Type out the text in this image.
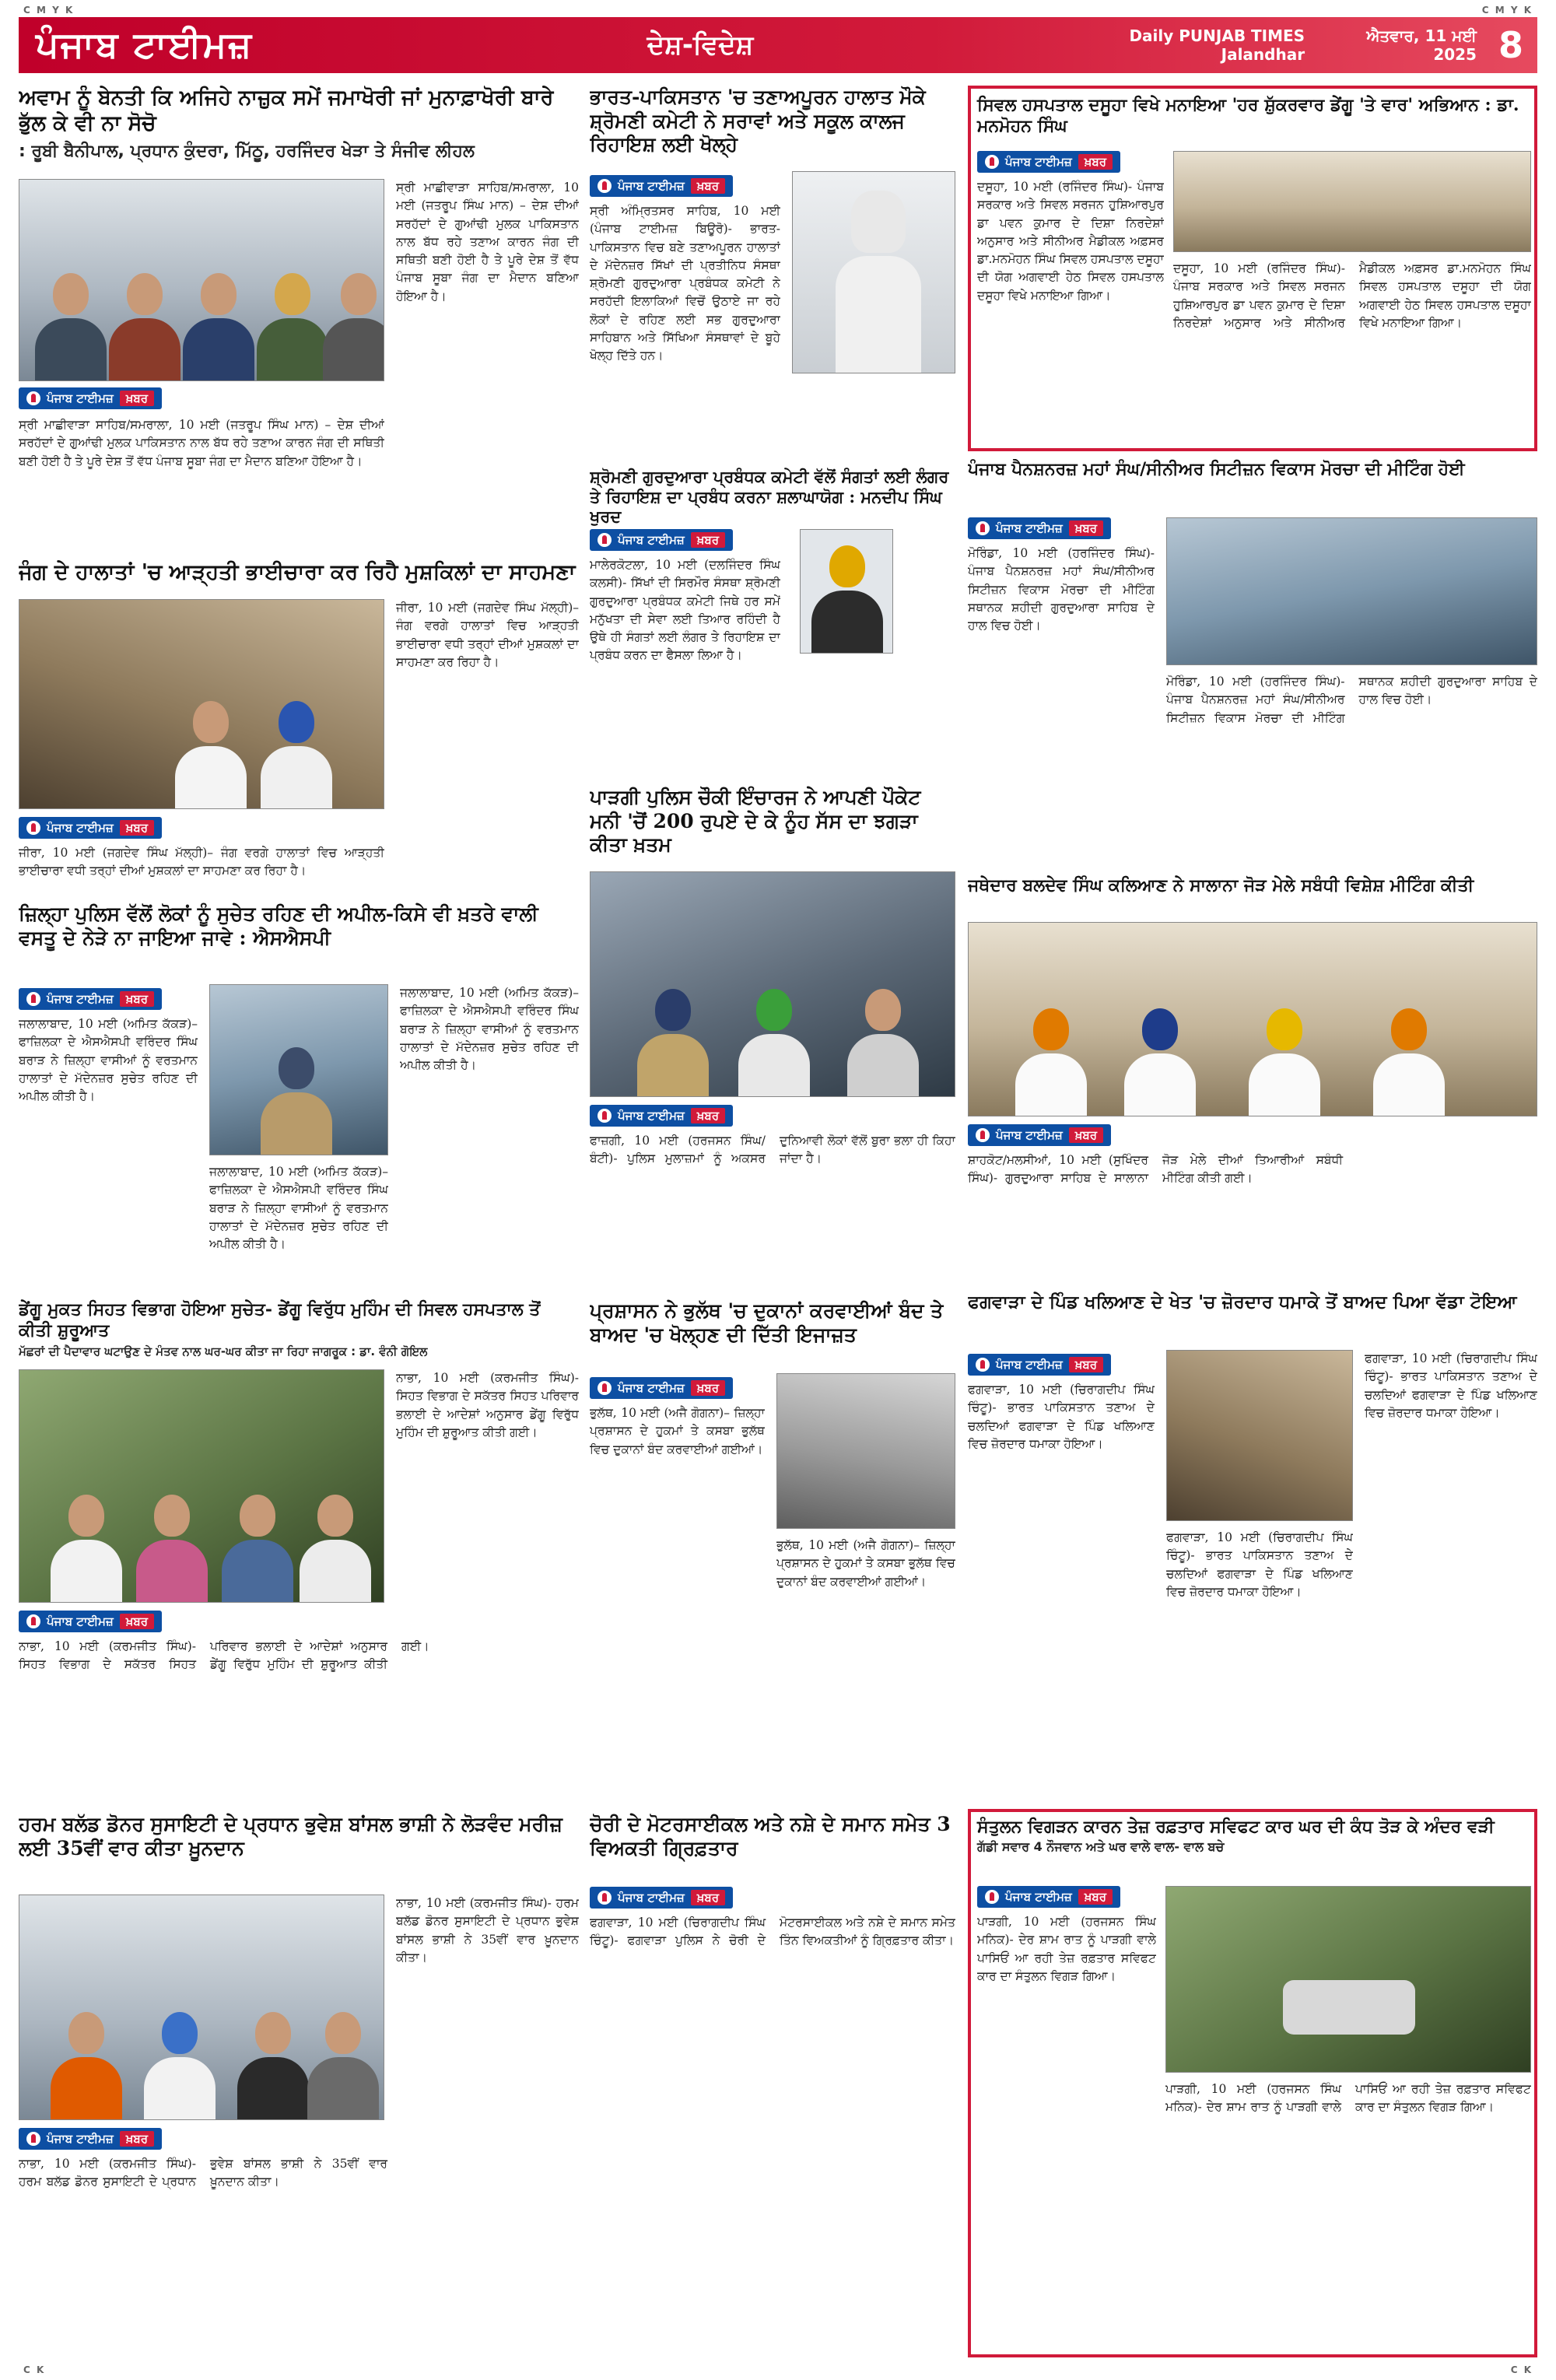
C M Y K	C M Y K
C K	C K
ਪੰਜਾਬ ਟਾਈਮਜ਼	ਦੇਸ਼-ਵਿਦੇਸ਼	Daily PUNJAB TIMES Jalandhar
ਐਤਵਾਰ, 11 ਮਈ 2025 8
ਅਵਾਮ ਨੂੰ ਬੇਨਤੀ ਕਿ ਅਜਿਹੇ ਨਾਜ਼ੁਕ ਸਮੇਂ ਜਮਾਖੋਰੀ ਜਾਂ ਮੁਨਾਫ਼ਾਖੋਰੀ ਬਾਰੇ ਭੁੱਲ ਕੇ ਵੀ ਨਾ ਸੋਚੋ
: ਰੂਬੀ ਬੈਨੀਪਾਲ, ਪ੍ਰਧਾਨ ਕੁੰਦਰਾ, ਮਿੱਠੂ, ਹਰਜਿੰਦਰ ਖੇੜਾ ਤੇ ਸੰਜੀਵ ਲੀਹਲ
ਪੰਜਾਬ ਟਾਈਮਜ਼	ਖ਼ਬਰ
ਸ੍ਰੀ ਮਾਛੀਵਾੜਾ ਸਾਹਿਬ/ਸਮਰਾਲਾ, 10 ਮਈ (ਜਤਰੂਪ ਸਿੰਘ ਮਾਨ) – ਦੇਸ਼ ਦੀਆਂ ਸਰਹੱਦਾਂ ਦੇ ਗੁਆਂਢੀ ਮੁਲਕ ਪਾਕਿਸਤਾਨ ਨਾਲ ਬੱਧ ਰਹੇ ਤਣਾਅ ਕਾਰਨ ਜੰਗ ਦੀ ਸਥਿਤੀ ਬਣੀ ਹੋਈ ਹੈ ਤੇ ਪੂਰੇ ਦੇਸ਼ ਤੋਂ ਵੱਧ ਪੰਜਾਬ ਸੂਬਾ ਜੰਗ ਦਾ ਮੈਦਾਨ ਬਣਿਆ ਹੋਇਆ ਹੈ।
ਸ੍ਰੀ ਮਾਛੀਵਾੜਾ ਸਾਹਿਬ/ਸਮਰਾਲਾ, 10 ਮਈ (ਜਤਰੂਪ ਸਿੰਘ ਮਾਨ) – ਦੇਸ਼ ਦੀਆਂ ਸਰਹੱਦਾਂ ਦੇ ਗੁਆਂਢੀ ਮੁਲਕ ਪਾਕਿਸਤਾਨ ਨਾਲ ਬੱਧ ਰਹੇ ਤਣਾਅ ਕਾਰਨ ਜੰਗ ਦੀ ਸਥਿਤੀ ਬਣੀ ਹੋਈ ਹੈ ਤੇ ਪੂਰੇ ਦੇਸ਼ ਤੋਂ ਵੱਧ ਪੰਜਾਬ ਸੂਬਾ ਜੰਗ ਦਾ ਮੈਦਾਨ ਬਣਿਆ ਹੋਇਆ ਹੈ।
ਭਾਰਤ-ਪਾਕਿਸਤਾਨ 'ਚ ਤਣਾਅਪੂਰਨ ਹਾਲਾਤ ਮੌਕੇ ਸ਼੍ਰੋਮਣੀ ਕਮੇਟੀ ਨੇ ਸਰਾਵਾਂ ਅਤੇ ਸਕੂਲ ਕਾਲਜ ਰਿਹਾਇਸ਼ ਲਈ ਖੋਲ੍ਹੇ
ਪੰਜਾਬ ਟਾਈਮਜ਼	ਖ਼ਬਰ
ਸ੍ਰੀ ਅੰਮ੍ਰਿਤਸਰ ਸਾਹਿਬ, 10 ਮਈ (ਪੰਜਾਬ ਟਾਈਮਜ਼ ਬਿਊਰੋ)- ਭਾਰਤ-ਪਾਕਿਸਤਾਨ ਵਿਚ ਬਣੇ ਤਣਾਅਪੂਰਨ ਹਾਲਾਤਾਂ ਦੇ ਮੱਦੇਨਜ਼ਰ ਸਿੱਖਾਂ ਦੀ ਪ੍ਰਤੀਨਿਧ ਸੰਸਥਾ ਸ਼੍ਰੋਮਣੀ ਗੁਰਦੁਆਰਾ ਪ੍ਰਬੰਧਕ ਕਮੇਟੀ ਨੇ ਸਰਹੱਦੀ ਇਲਾਕਿਆਂ ਵਿਚੋਂ ਉਠਾਏ ਜਾ ਰਹੇ ਲੋਕਾਂ ਦੇ ਰਹਿਣ ਲਈ ਸਭ ਗੁਰਦੁਆਰਾ ਸਾਹਿਬਾਨ ਅਤੇ ਸਿੱਖਿਆ ਸੰਸਥਾਵਾਂ ਦੇ ਬੂਹੇ ਖੋਲ੍ਹ ਦਿੱਤੇ ਹਨ।
ਸ਼੍ਰੋਮਣੀ ਗੁਰਦੁਆਰਾ ਪ੍ਰਬੰਧਕ ਕਮੇਟੀ ਵੱਲੋਂ ਸੰਗਤਾਂ ਲਈ ਲੰਗਰ ਤੇ ਰਿਹਾਇਸ਼ ਦਾ ਪ੍ਰਬੰਧ ਕਰਨਾ ਸ਼ਲਾਘਾਯੋਗ : ਮਨਦੀਪ ਸਿੰਘ ਖੁਰਦ
ਪੰਜਾਬ ਟਾਈਮਜ਼	ਖ਼ਬਰ
ਮਾਲੇਰਕੋਟਲਾ, 10 ਮਈ (ਦਲਜਿੰਦਰ ਸਿੰਘ ਕਲਸੀ)- ਸਿੱਖਾਂ ਦੀ ਸਿਰਮੌਰ ਸੰਸਥਾ ਸ਼੍ਰੋਮਣੀ ਗੁਰਦੁਆਰਾ ਪ੍ਰਬੰਧਕ ਕਮੇਟੀ ਜਿਥੇ ਹਰ ਸਮੇਂ ਮਨੁੱਖਤਾ ਦੀ ਸੇਵਾ ਲਈ ਤਿਆਰ ਰਹਿੰਦੀ ਹੈ ਉਥੇ ਹੀ ਸੰਗਤਾਂ ਲਈ ਲੰਗਰ ਤੇ ਰਿਹਾਇਸ਼ ਦਾ ਪ੍ਰਬੰਧ ਕਰਨ ਦਾ ਫੈਸਲਾ ਲਿਆ ਹੈ।
ਸਿਵਲ ਹਸਪਤਾਲ ਦਸੂਹਾ ਵਿਖੇ ਮਨਾਇਆ 'ਹਰ ਸ਼ੁੱਕਰਵਾਰ ਡੇਂਗੂ 'ਤੇ ਵਾਰ' ਅਭਿਆਨ : ਡਾ. ਮਨਮੋਹਨ ਸਿੰਘ
ਪੰਜਾਬ ਟਾਈਮਜ਼	ਖ਼ਬਰ
ਦਸੂਹਾ, 10 ਮਈ (ਰਜਿੰਦਰ ਸਿੰਘ)- ਪੰਜਾਬ ਸਰਕਾਰ ਅਤੇ ਸਿਵਲ ਸਰਜਨ ਹੁਸ਼ਿਆਰਪੁਰ ਡਾ ਪਵਨ ਕੁਮਾਰ ਦੇ ਦਿਸ਼ਾ ਨਿਰਦੇਸ਼ਾਂ ਅਨੁਸਾਰ ਅਤੇ ਸੀਨੀਅਰ ਮੈਡੀਕਲ ਅਫ਼ਸਰ ਡਾ.ਮਨਮੋਹਨ ਸਿੰਘ ਸਿਵਲ ਹਸਪਤਾਲ ਦਸੂਹਾ ਦੀ ਯੋਗ ਅਗਵਾਈ ਹੇਠ ਸਿਵਲ ਹਸਪਤਾਲ ਦਸੂਹਾ ਵਿਖੇ ਮਨਾਇਆ ਗਿਆ।
ਦਸੂਹਾ, 10 ਮਈ (ਰਜਿੰਦਰ ਸਿੰਘ)- ਪੰਜਾਬ ਸਰਕਾਰ ਅਤੇ ਸਿਵਲ ਸਰਜਨ ਹੁਸ਼ਿਆਰਪੁਰ ਡਾ ਪਵਨ ਕੁਮਾਰ ਦੇ ਦਿਸ਼ਾ ਨਿਰਦੇਸ਼ਾਂ ਅਨੁਸਾਰ ਅਤੇ ਸੀਨੀਅਰ ਮੈਡੀਕਲ ਅਫ਼ਸਰ ਡਾ.ਮਨਮੋਹਨ ਸਿੰਘ ਸਿਵਲ ਹਸਪਤਾਲ ਦਸੂਹਾ ਦੀ ਯੋਗ ਅਗਵਾਈ ਹੇਠ ਸਿਵਲ ਹਸਪਤਾਲ ਦਸੂਹਾ ਵਿਖੇ ਮਨਾਇਆ ਗਿਆ।
ਜੰਗ ਦੇ ਹਾਲਾਤਾਂ 'ਚ ਆੜ੍ਹਤੀ ਭਾਈਚਾਰਾ ਕਰ ਰਿਹੈ ਮੁਸ਼ਕਿਲਾਂ ਦਾ ਸਾਹਮਣਾ
ਪੰਜਾਬ ਟਾਈਮਜ਼	ਖ਼ਬਰ
ਜੀਰਾ, 10 ਮਈ (ਜਗਦੇਵ ਸਿੰਘ ਮੱਲ੍ਹੀ)– ਜੰਗ ਵਰਗੇ ਹਾਲਾਤਾਂ ਵਿਚ ਆੜ੍ਹਤੀ ਭਾਈਚਾਰਾ ਵਧੀ ਤਰ੍ਹਾਂ ਦੀਆਂ ਮੁਸ਼ਕਲਾਂ ਦਾ ਸਾਹਮਣਾ ਕਰ ਰਿਹਾ ਹੈ।
ਜੀਰਾ, 10 ਮਈ (ਜਗਦੇਵ ਸਿੰਘ ਮੱਲ੍ਹੀ)– ਜੰਗ ਵਰਗੇ ਹਾਲਾਤਾਂ ਵਿਚ ਆੜ੍ਹਤੀ ਭਾਈਚਾਰਾ ਵਧੀ ਤਰ੍ਹਾਂ ਦੀਆਂ ਮੁਸ਼ਕਲਾਂ ਦਾ ਸਾਹਮਣਾ ਕਰ ਰਿਹਾ ਹੈ।
ਪੰਜਾਬ ਪੈਨਸ਼ਨਰਜ਼ ਮਹਾਂ ਸੰਘ/ਸੀਨੀਅਰ ਸਿਟੀਜ਼ਨ ਵਿਕਾਸ ਮੋਰਚਾ ਦੀ ਮੀਟਿੰਗ ਹੋਈ
ਪੰਜਾਬ ਟਾਈਮਜ਼	ਖ਼ਬਰ
ਮੋਰਿੰਡਾ, 10 ਮਈ (ਹਰਜਿੰਦਰ ਸਿੰਘ)- ਪੰਜਾਬ ਪੈਨਸ਼ਨਰਜ਼ ਮਹਾਂ ਸੰਘ/ਸੀਨੀਅਰ ਸਿਟੀਜ਼ਨ ਵਿਕਾਸ ਮੋਰਚਾ ਦੀ ਮੀਟਿੰਗ ਸਥਾਨਕ ਸ਼ਹੀਦੀ ਗੁਰਦੁਆਰਾ ਸਾਹਿਬ ਦੇ ਹਾਲ ਵਿਚ ਹੋਈ।
ਮੋਰਿੰਡਾ, 10 ਮਈ (ਹਰਜਿੰਦਰ ਸਿੰਘ)- ਪੰਜਾਬ ਪੈਨਸ਼ਨਰਜ਼ ਮਹਾਂ ਸੰਘ/ਸੀਨੀਅਰ ਸਿਟੀਜ਼ਨ ਵਿਕਾਸ ਮੋਰਚਾ ਦੀ ਮੀਟਿੰਗ ਸਥਾਨਕ ਸ਼ਹੀਦੀ ਗੁਰਦੁਆਰਾ ਸਾਹਿਬ ਦੇ ਹਾਲ ਵਿਚ ਹੋਈ।
ਜ਼ਿਲ੍ਹਾ ਪੁਲਿਸ ਵੱਲੋਂ ਲੋਕਾਂ ਨੂੰ ਸੁਚੇਤ ਰਹਿਣ ਦੀ ਅਪੀਲ-ਕਿਸੇ ਵੀ ਖ਼ਤਰੇ ਵਾਲੀ ਵਸਤੂ ਦੇ ਨੇੜੇ ਨਾ ਜਾਇਆ ਜਾਵੇ : ਐਸਐਸਪੀ
ਪੰਜਾਬ ਟਾਈਮਜ਼	ਖ਼ਬਰ
ਜਲਾਲਾਬਾਦ, 10 ਮਈ (ਅਮਿਤ ਕੱਕੜ)– ਫਾਜ਼ਿਲਕਾ ਦੇ ਐਸਐਸਪੀ ਵਰਿੰਦਰ ਸਿੰਘ ਬਰਾੜ ਨੇ ਜ਼ਿਲ੍ਹਾ ਵਾਸੀਆਂ ਨੂੰ ਵਰਤਮਾਨ ਹਾਲਾਤਾਂ ਦੇ ਮੱਦੇਨਜ਼ਰ ਸੁਚੇਤ ਰਹਿਣ ਦੀ ਅਪੀਲ ਕੀਤੀ ਹੈ।
ਜਲਾਲਾਬਾਦ, 10 ਮਈ (ਅਮਿਤ ਕੱਕੜ)– ਫਾਜ਼ਿਲਕਾ ਦੇ ਐਸਐਸਪੀ ਵਰਿੰਦਰ ਸਿੰਘ ਬਰਾੜ ਨੇ ਜ਼ਿਲ੍ਹਾ ਵਾਸੀਆਂ ਨੂੰ ਵਰਤਮਾਨ ਹਾਲਾਤਾਂ ਦੇ ਮੱਦੇਨਜ਼ਰ ਸੁਚੇਤ ਰਹਿਣ ਦੀ ਅਪੀਲ ਕੀਤੀ ਹੈ।
ਜਲਾਲਾਬਾਦ, 10 ਮਈ (ਅਮਿਤ ਕੱਕੜ)– ਫਾਜ਼ਿਲਕਾ ਦੇ ਐਸਐਸਪੀ ਵਰਿੰਦਰ ਸਿੰਘ ਬਰਾੜ ਨੇ ਜ਼ਿਲ੍ਹਾ ਵਾਸੀਆਂ ਨੂੰ ਵਰਤਮਾਨ ਹਾਲਾਤਾਂ ਦੇ ਮੱਦੇਨਜ਼ਰ ਸੁਚੇਤ ਰਹਿਣ ਦੀ ਅਪੀਲ ਕੀਤੀ ਹੈ।
ਪਾੜਗੀ ਪੁਲਿਸ ਚੌਕੀ ਇੰਚਾਰਜ ਨੇ ਆਪਣੀ ਪੌਕੇਟ ਮਨੀ 'ਚੋਂ 200 ਰੁਪਏ ਦੇ ਕੇ ਨੂੰਹ ਸੱਸ ਦਾ ਝਗੜਾ ਕੀਤਾ ਖ਼ਤਮ
ਪੰਜਾਬ ਟਾਈਮਜ਼	ਖ਼ਬਰ
ਫਾਜ਼ਗੀ, 10 ਮਈ (ਹਰਜਸਨ ਸਿੰਘ/ਬੰਟੀ)- ਪੁਲਿਸ ਮੁਲਾਜ਼ਮਾਂ ਨੂੰ ਅਕਸਰ ਦੁਨਿਆਵੀ ਲੋਕਾਂ ਵੱਲੋਂ ਬੁਰਾ ਭਲਾ ਹੀ ਕਿਹਾ ਜਾਂਦਾ ਹੈ।
ਜਥੇਦਾਰ ਬਲਦੇਵ ਸਿੰਘ ਕਲਿਆਣ ਨੇ ਸਾਲਾਨਾ ਜੋੜ ਮੇਲੇ ਸਬੰਧੀ ਵਿਸ਼ੇਸ਼ ਮੀਟਿੰਗ ਕੀਤੀ
ਪੰਜਾਬ ਟਾਈਮਜ਼	ਖ਼ਬਰ
ਸ਼ਾਹਕੋਟ/ਮਲਸੀਆਂ, 10 ਮਈ (ਸੁਖਿੰਦਰ ਸਿੰਘ)- ਗੁਰਦੁਆਰਾ ਸਾਹਿਬ ਦੇ ਸਾਲਾਨਾ ਜੋੜ ਮੇਲੇ ਦੀਆਂ ਤਿਆਰੀਆਂ ਸਬੰਧੀ ਮੀਟਿੰਗ ਕੀਤੀ ਗਈ।
ਡੇਂਗੂ ਮੁਕਤ ਸਿਹਤ ਵਿਭਾਗ ਹੋਇਆ ਸੁਚੇਤ- ਡੇਂਗੂ ਵਿਰੁੱਧ ਮੁਹਿੰਮ ਦੀ ਸਿਵਲ ਹਸਪਤਾਲ ਤੋਂ ਕੀਤੀ ਸ਼ੁਰੂਆਤ
ਮੱਛਰਾਂ ਦੀ ਪੈਦਾਵਾਰ ਘਟਾਉਣ ਦੇ ਮੰਤਵ ਨਾਲ ਘਰ-ਘਰ ਕੀਤਾ ਜਾ ਰਿਹਾ ਜਾਗਰੂਕ : ਡਾ. ਵੰਨੀ ਗੋਇਲ
ਪੰਜਾਬ ਟਾਈਮਜ਼	ਖ਼ਬਰ
ਨਾਭਾ, 10 ਮਈ (ਕਰਮਜੀਤ ਸਿੰਘ)- ਸਿਹਤ ਵਿਭਾਗ ਦੇ ਸਕੱਤਰ ਸਿਹਤ ਪਰਿਵਾਰ ਭਲਾਈ ਦੇ ਆਦੇਸ਼ਾਂ ਅਨੁਸਾਰ ਡੇਂਗੂ ਵਿਰੁੱਧ ਮੁਹਿੰਮ ਦੀ ਸ਼ੁਰੂਆਤ ਕੀਤੀ ਗਈ।
ਨਾਭਾ, 10 ਮਈ (ਕਰਮਜੀਤ ਸਿੰਘ)- ਸਿਹਤ ਵਿਭਾਗ ਦੇ ਸਕੱਤਰ ਸਿਹਤ ਪਰਿਵਾਰ ਭਲਾਈ ਦੇ ਆਦੇਸ਼ਾਂ ਅਨੁਸਾਰ ਡੇਂਗੂ ਵਿਰੁੱਧ ਮੁਹਿੰਮ ਦੀ ਸ਼ੁਰੂਆਤ ਕੀਤੀ ਗਈ।
ਪ੍ਰਸ਼ਾਸਨ ਨੇ ਭੁਲੱਥ 'ਚ ਦੁਕਾਨਾਂ ਕਰਵਾਈਆਂ ਬੰਦ ਤੇ ਬਾਅਦ 'ਚ ਖੋਲ੍ਹਣ ਦੀ ਦਿੱਤੀ ਇਜਾਜ਼ਤ
ਪੰਜਾਬ ਟਾਈਮਜ਼	ਖ਼ਬਰ
ਭੁਲੱਥ, 10 ਮਈ (ਅਜੈ ਗੋਗਨਾ)– ਜ਼ਿਲ੍ਹਾ ਪ੍ਰਸ਼ਾਸਨ ਦੇ ਹੁਕਮਾਂ ਤੇ ਕਸਬਾ ਭੁਲੱਥ ਵਿਚ ਦੁਕਾਨਾਂ ਬੰਦ ਕਰਵਾਈਆਂ ਗਈਆਂ।
ਭੁਲੱਥ, 10 ਮਈ (ਅਜੈ ਗੋਗਨਾ)– ਜ਼ਿਲ੍ਹਾ ਪ੍ਰਸ਼ਾਸਨ ਦੇ ਹੁਕਮਾਂ ਤੇ ਕਸਬਾ ਭੁਲੱਥ ਵਿਚ ਦੁਕਾਨਾਂ ਬੰਦ ਕਰਵਾਈਆਂ ਗਈਆਂ।
ਫਗਵਾੜਾ ਦੇ ਪਿੰਡ ਖਲਿਆਣ ਦੇ ਖੇਤ 'ਚ ਜ਼ੋਰਦਾਰ ਧਮਾਕੇ ਤੋਂ ਬਾਅਦ ਪਿਆ ਵੱਡਾ ਟੋਇਆ
ਪੰਜਾਬ ਟਾਈਮਜ਼	ਖ਼ਬਰ
ਫਗਵਾੜਾ, 10 ਮਈ (ਚਿਰਾਗਦੀਪ ਸਿੰਘ ਚਿੰਟੂ)- ਭਾਰਤ ਪਾਕਿਸਤਾਨ ਤਣਾਅ ਦੇ ਚਲਦਿਆਂ ਫਗਵਾੜਾ ਦੇ ਪਿੰਡ ਖਲਿਆਣ ਵਿਚ ਜ਼ੋਰਦਾਰ ਧਮਾਕਾ ਹੋਇਆ।
ਫਗਵਾੜਾ, 10 ਮਈ (ਚਿਰਾਗਦੀਪ ਸਿੰਘ ਚਿੰਟੂ)- ਭਾਰਤ ਪਾਕਿਸਤਾਨ ਤਣਾਅ ਦੇ ਚਲਦਿਆਂ ਫਗਵਾੜਾ ਦੇ ਪਿੰਡ ਖਲਿਆਣ ਵਿਚ ਜ਼ੋਰਦਾਰ ਧਮਾਕਾ ਹੋਇਆ।
ਫਗਵਾੜਾ, 10 ਮਈ (ਚਿਰਾਗਦੀਪ ਸਿੰਘ ਚਿੰਟੂ)- ਭਾਰਤ ਪਾਕਿਸਤਾਨ ਤਣਾਅ ਦੇ ਚਲਦਿਆਂ ਫਗਵਾੜਾ ਦੇ ਪਿੰਡ ਖਲਿਆਣ ਵਿਚ ਜ਼ੋਰਦਾਰ ਧਮਾਕਾ ਹੋਇਆ।
ਹਰਮ ਬਲੱਡ ਡੋਨਰ ਸੁਸਾਇਟੀ ਦੇ ਪ੍ਰਧਾਨ ਭੁਵੇਸ਼ ਬਾਂਸਲ ਭਾਸ਼ੀ ਨੇ ਲੋੜਵੰਦ ਮਰੀਜ਼ ਲਈ 35ਵੀਂ ਵਾਰ ਕੀਤਾ ਖ਼ੂਨਦਾਨ
ਪੰਜਾਬ ਟਾਈਮਜ਼	ਖ਼ਬਰ
ਨਾਭਾ, 10 ਮਈ (ਕਰਮਜੀਤ ਸਿੰਘ)- ਹਰਮ ਬਲੱਡ ਡੋਨਰ ਸੁਸਾਇਟੀ ਦੇ ਪ੍ਰਧਾਨ ਭੁਵੇਸ਼ ਬਾਂਸਲ ਭਾਸ਼ੀ ਨੇ 35ਵੀਂ ਵਾਰ ਖ਼ੂਨਦਾਨ ਕੀਤਾ।
ਨਾਭਾ, 10 ਮਈ (ਕਰਮਜੀਤ ਸਿੰਘ)- ਹਰਮ ਬਲੱਡ ਡੋਨਰ ਸੁਸਾਇਟੀ ਦੇ ਪ੍ਰਧਾਨ ਭੁਵੇਸ਼ ਬਾਂਸਲ ਭਾਸ਼ੀ ਨੇ 35ਵੀਂ ਵਾਰ ਖ਼ੂਨਦਾਨ ਕੀਤਾ।
ਚੋਰੀ ਦੇ ਮੋਟਰਸਾਈਕਲ ਅਤੇ ਨਸ਼ੇ ਦੇ ਸਮਾਨ ਸਮੇਤ 3 ਵਿਅਕਤੀ ਗ੍ਰਿਫ਼ਤਾਰ
ਪੰਜਾਬ ਟਾਈਮਜ਼	ਖ਼ਬਰ
ਫਗਵਾੜਾ, 10 ਮਈ (ਚਿਰਾਗਦੀਪ ਸਿੰਘ ਚਿੰਟੂ)- ਫਗਵਾੜਾ ਪੁਲਿਸ ਨੇ ਚੋਰੀ ਦੇ ਮੋਟਰਸਾਈਕਲ ਅਤੇ ਨਸ਼ੇ ਦੇ ਸਮਾਨ ਸਮੇਤ ਤਿੰਨ ਵਿਅਕਤੀਆਂ ਨੂੰ ਗ੍ਰਿਫ਼ਤਾਰ ਕੀਤਾ।
ਸੰਤੁਲਨ ਵਿਗੜਨ ਕਾਰਨ ਤੇਜ਼ ਰਫ਼ਤਾਰ ਸਵਿਫਟ ਕਾਰ ਘਰ ਦੀ ਕੰਧ ਤੋੜ ਕੇ ਅੰਦਰ ਵੜੀ
ਗੱਡੀ ਸਵਾਰ 4 ਨੌਜਵਾਨ ਅਤੇ ਘਰ ਵਾਲੇ ਵਾਲ- ਵਾਲ ਬਚੇ
ਪੰਜਾਬ ਟਾਈਮਜ਼	ਖ਼ਬਰ
ਪਾੜਗੀ, 10 ਮਈ (ਹਰਜਸਨ ਸਿੰਘ ਮਨਿਕ)- ਦੇਰ ਸ਼ਾਮ ਰਾਤ ਨੂੰ ਪਾੜਗੀ ਵਾਲੇ ਪਾਸਿਓਂ ਆ ਰਹੀ ਤੇਜ਼ ਰਫ਼ਤਾਰ ਸਵਿਫਟ ਕਾਰ ਦਾ ਸੰਤੁਲਨ ਵਿਗੜ ਗਿਆ।
ਪਾੜਗੀ, 10 ਮਈ (ਹਰਜਸਨ ਸਿੰਘ ਮਨਿਕ)- ਦੇਰ ਸ਼ਾਮ ਰਾਤ ਨੂੰ ਪਾੜਗੀ ਵਾਲੇ ਪਾਸਿਓਂ ਆ ਰਹੀ ਤੇਜ਼ ਰਫ਼ਤਾਰ ਸਵਿਫਟ ਕਾਰ ਦਾ ਸੰਤੁਲਨ ਵਿਗੜ ਗਿਆ।
